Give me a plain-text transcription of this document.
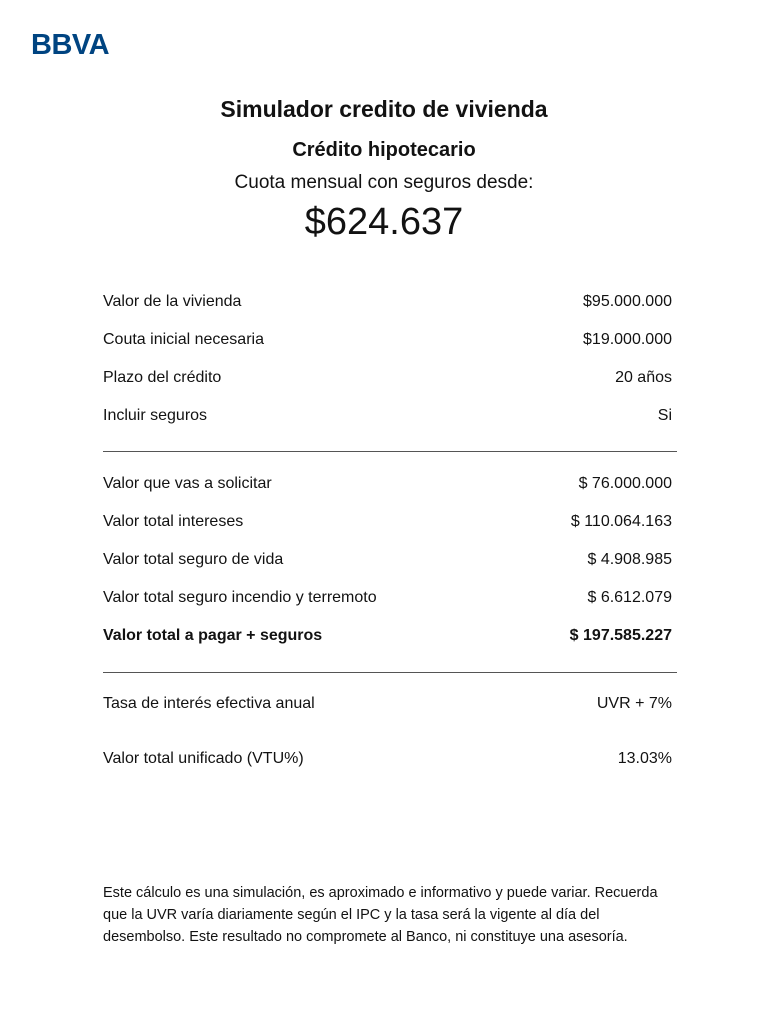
BBVA
Simulador credito de vivienda
Crédito hipotecario
Cuota mensual con seguros desde:
$624.637
Valor de la vivienda	$95.000.000
Couta inicial necesaria	$19.000.000
Plazo del crédito	20 años
Incluir seguros	Si
Valor que vas a solicitar	$ 76.000.000
Valor total intereses	$ 110.064.163
Valor total seguro de vida	$ 4.908.985
Valor total seguro incendio y terremoto	$ 6.612.079
Valor total a pagar + seguros	$ 197.585.227
Tasa de interés efectiva anual	UVR + 7%
Valor total unificado (VTU%)	13.03%
Este cálculo es una simulación, es aproximado e informativo y puede variar. Recuerda que la UVR varía diariamente según el IPC y la tasa será la vigente al día del desembolso. Este resultado no compromete al Banco, ni constituye una asesoría.
